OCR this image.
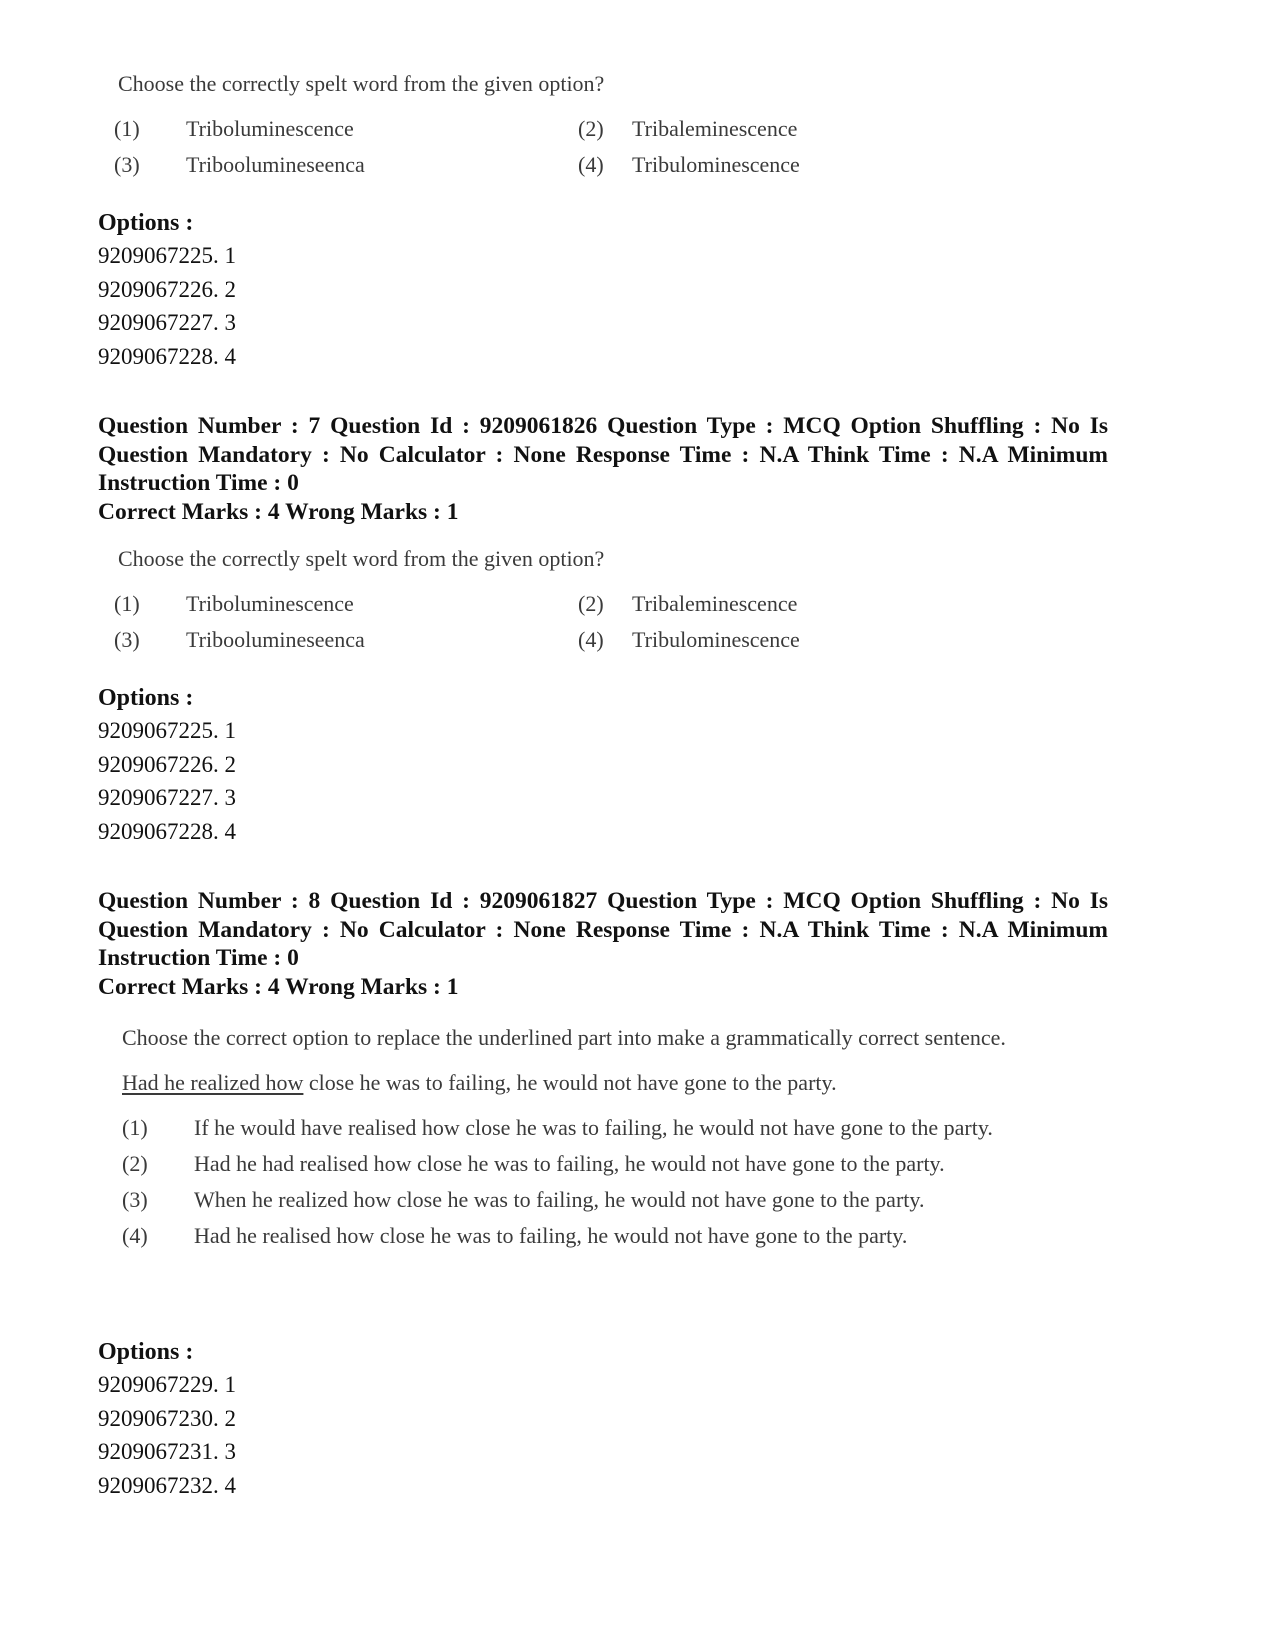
Choose the correctly spelt word from the given option?

(1)	Triboluminescence	(2)	Tribaleminescence
(3)	Triboolumineseenca	(4)	Tribulominescence
Options :
9209067225. 1
9209067226. 2
9209067227. 3
9209067228. 4
Question Number : 7 Question Id : 9209061826 Question Type : MCQ Option Shuffling : No Is Question Mandatory : No Calculator : None Response Time : N.A Think Time : N.A Minimum Instruction Time : 0
Correct Marks : 4 Wrong Marks : 1

Choose the correctly spelt word from the given option?

(1)	Triboluminescence	(2)	Tribaleminescence
(3)	Triboolumineseenca	(4)	Tribulominescence
Options :
9209067225. 1
9209067226. 2
9209067227. 3
9209067228. 4
Question Number : 8 Question Id : 9209061827 Question Type : MCQ Option Shuffling : No Is Question Mandatory : No Calculator : None Response Time : N.A Think Time : N.A Minimum Instruction Time : 0
Correct Marks : 4 Wrong Marks : 1

Choose the correct option to replace the underlined part into make a grammatically correct sentence.

Had he realized how close he was to failing, he would not have gone to the party.

(1)	If he would have realised how close he was to failing, he would not have gone to the party.
(2)	Had he had realised how close he was to failing, he would not have gone to the party.
(3)	When he realized how close he was to failing, he would not have gone to the party.
(4)	Had he realised how close he was to failing, he would not have gone to the party.
Options :
9209067229. 1
9209067230. 2
9209067231. 3
9209067232. 4
